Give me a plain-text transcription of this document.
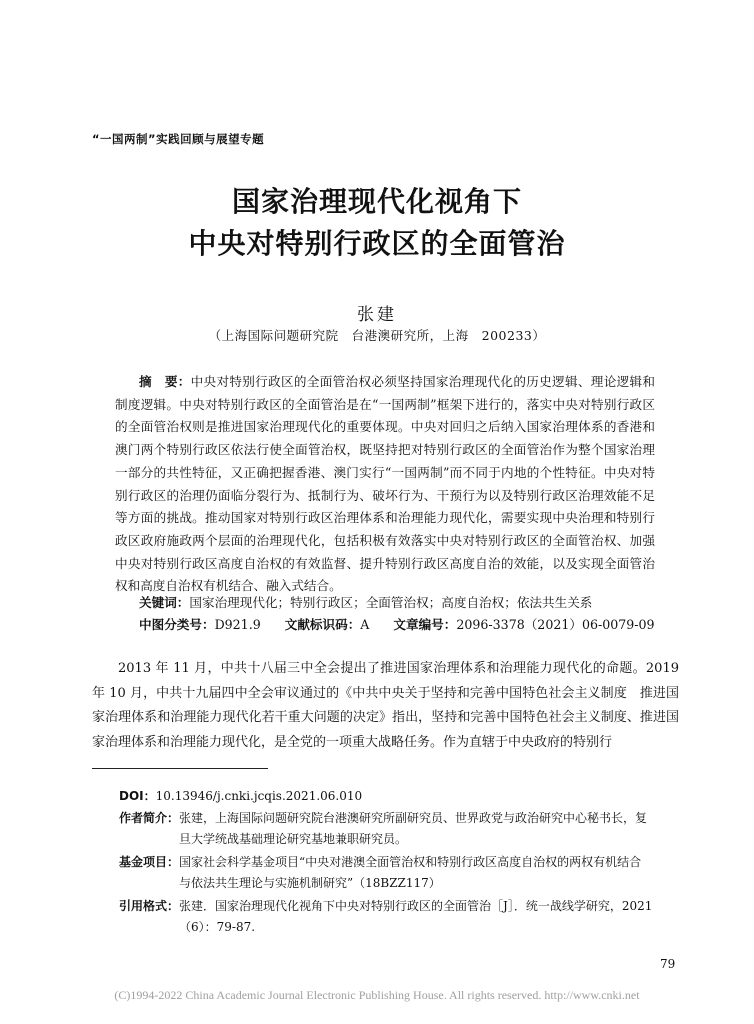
“一国两制”实践回顾与展望专题
国家治理现代化视角下
中央对特别行政区的全面管治
张建
（上海国际问题研究院　台港澳研究所，上海　200233）
摘　要：中央对特别行政区的全面管治权必须坚持国家治理现代化的历史逻辑、理论逻辑和制度逻辑。中央对特别行政区的全面管治是在“一国两制”框架下进行的，落实中央对特别行政区的全面管治权则是推进国家治理现代化的重要体现。中央对回归之后纳入国家治理体系的香港和澳门两个特别行政区依法行使全面管治权，既坚持把对特别行政区的全面管治作为整个国家治理一部分的共性特征，又正确把握香港、澳门实行“一国两制”而不同于内地的个性特征。中央对特别行政区的治理仍面临分裂行为、抵制行为、破坏行为、干预行为以及特别行政区治理效能不足等方面的挑战。推动国家对特别行政区治理体系和治理能力现代化，需要实现中央治理和特别行政区政府施政两个层面的治理现代化，包括积极有效落实中央对特别行政区的全面管治权、加强中央对特别行政区高度自治权的有效监督、提升特别行政区高度自治的效能，以及实现全面管治权和高度自治权有机结合、融入式结合。
关键词：国家治理现代化；特别行政区；全面管治权；高度自治权；依法共生关系
中图分类号：D921.9 文献标识码：A 文章编号：2096-3378（2021）06-0079-09
2013 年 11 月，中共十八届三中全会提出了推进国家治理体系和治理能力现代化的命题。2019 年 10 月，中共十九届四中全会审议通过的《中共中央关于坚持和完善中国特色社会主义制度　推进国家治理体系和治理能力现代化若干重大问题的决定》指出，坚持和完善中国特色社会主义制度、推进国家治理体系和治理能力现代化，是全党的一项重大战略任务。作为直辖于中央政府的特别行
DOI：10.13946/j.cnki.jcqis.2021.06.010
作者简介：张建，上海国际问题研究院台港澳研究所副研究员、世界政党与政治研究中心秘书长，复
旦大学统战基础理论研究基地兼职研究员。
基金项目：国家社会科学基金项目“中央对港澳全面管治权和特别行政区高度自治权的两权有机结合
与依法共生理论与实施机制研究”（18BZZ117）
引用格式：张建．国家治理现代化视角下中央对特别行政区的全面管治［J］．统一战线学研究，2021
（6）：79-87.
79
(C)1994-2022 China Academic Journal Electronic Publishing House. All rights reserved. http://www.cnki.net
